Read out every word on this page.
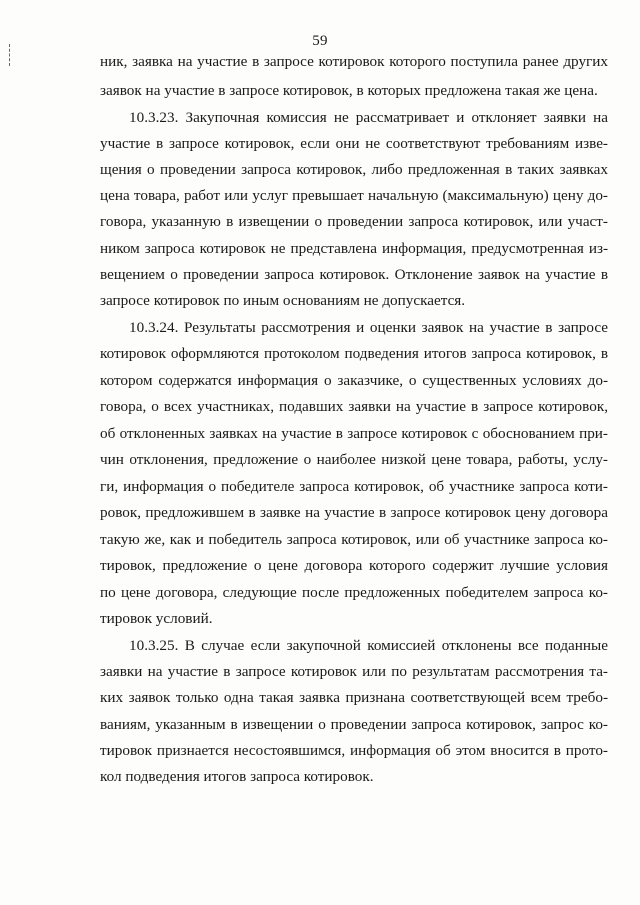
59
ник, заявка на участие в запросе котировок которого поступила ранее других
заявок на участие в запросе котировок, в которых предложена такая же цена.
10.3.23. Закупочная комиссия не рассматривает и отклоняет заявки на
участие в запросе котировок, если они не соответствуют требованиям изве-
щения о проведении запроса котировок, либо предложенная в таких заявках
цена товара, работ или услуг превышает начальную (максимальную) цену до-
говора, указанную в извещении о проведении запроса котировок, или участ-
ником запроса котировок не представлена информация, предусмотренная из-
вещением о проведении запроса котировок. Отклонение заявок на участие в
запросе котировок по иным основаниям не допускается.
10.3.24. Результаты рассмотрения и оценки заявок на участие в запросе
котировок оформляются протоколом подведения итогов запроса котировок, в
котором содержатся информация о заказчике, о существенных условиях до-
говора, о всех участниках, подавших заявки на участие в запросе котировок,
об отклоненных заявках на участие в запросе котировок с обоснованием при-
чин отклонения, предложение о наиболее низкой цене товара, работы, услу-
ги, информация о победителе запроса котировок, об участнике запроса коти-
ровок, предложившем в заявке на участие в запросе котировок цену договора
такую же, как и победитель запроса котировок, или об участнике запроса ко-
тировок, предложение о цене договора которого содержит лучшие условия
по цене договора, следующие после предложенных победителем запроса ко-
тировок условий.
10.3.25. В случае если закупочной комиссией отклонены все поданные
заявки на участие в запросе котировок или по результатам рассмотрения та-
ких заявок только одна такая заявка признана соответствующей всем требо-
ваниям, указанным в извещении о проведении запроса котировок, запрос ко-
тировок признается несостоявшимся, информация об этом вносится в прото-
кол подведения итогов запроса котировок.
